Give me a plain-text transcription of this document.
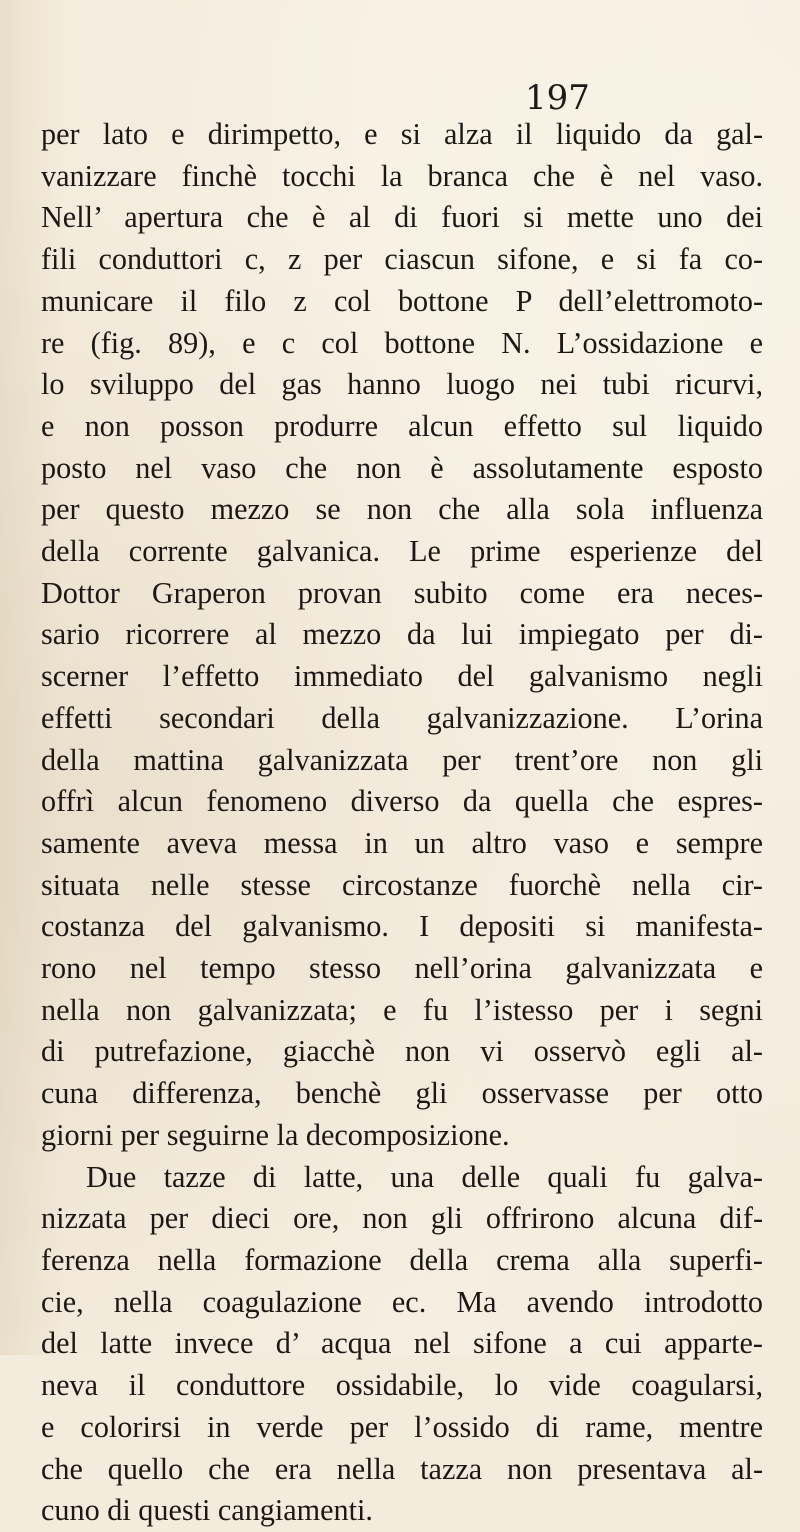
197
per lato e dirimpetto, e si alza il liquido da gal-
vanizzare finchè tocchi la branca che è nel vaso.
Nell’ apertura che è al di fuori si mette uno dei
fili conduttori c, z per ciascun sifone, e si fa co-
municare il filo z col bottone P dell’elettromoto-
re (fig. 89), e c col bottone N. L’ossidazione e
lo sviluppo del gas hanno luogo nei tubi ricurvi,
e non posson produrre alcun effetto sul liquido
posto nel vaso che non è assolutamente esposto
per questo mezzo se non che alla sola influenza
della corrente galvanica. Le prime esperienze del
Dottor Graperon provan subito come era neces-
sario ricorrere al mezzo da lui impiegato per di-
scerner l’effetto immediato del galvanismo negli
effetti secondari della galvanizzazione. L’orina
della mattina galvanizzata per trent’ore non gli
offrì alcun fenomeno diverso da quella che espres-
samente aveva messa in un altro vaso e sempre
situata nelle stesse circostanze fuorchè nella cir-
costanza del galvanismo. I depositi si manifesta-
rono nel tempo stesso nell’orina galvanizzata e
nella non galvanizzata; e fu l’istesso per i segni
di putrefazione, giacchè non vi osservò egli al-
cuna differenza, benchè gli osservasse per otto
giorni per seguirne la decomposizione.
Due tazze di latte, una delle quali fu galva-
nizzata per dieci ore, non gli offrirono alcuna dif-
ferenza nella formazione della crema alla superfi-
cie, nella coagulazione ec. Ma avendo introdotto
del latte invece d’ acqua nel sifone a cui apparte-
neva il conduttore ossidabile, lo vide coagularsi,
e colorirsi in verde per l’ossido di rame, mentre
che quello che era nella tazza non presentava al-
cuno di questi cangiamenti.
